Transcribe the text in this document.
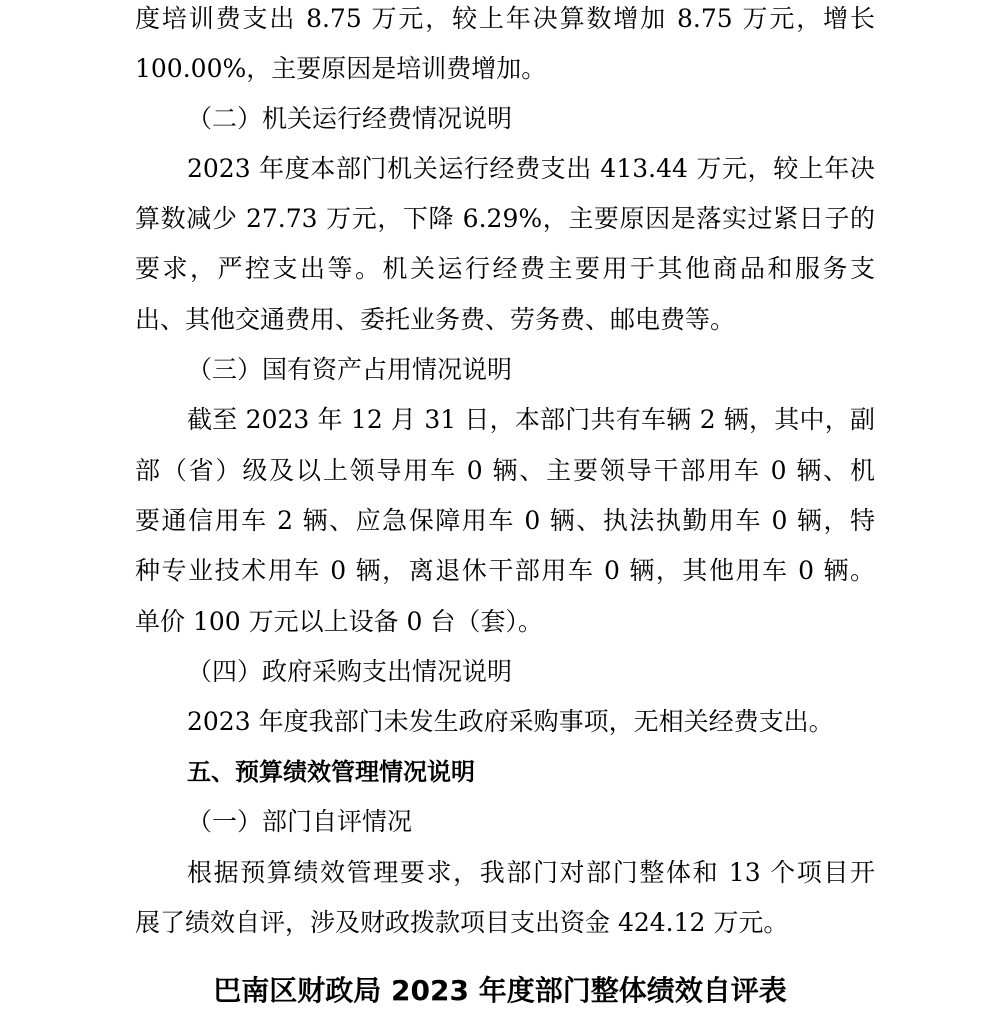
度培训费支出 8.75 万元，较上年决算数增加 8.75 万元，增长
100.00%，主要原因是培训费增加。
（二）机关运行经费情况说明
2023 年度本部门机关运行经费支出 413.44 万元，较上年决
算数减少 27.73 万元，下降 6.29%，主要原因是落实过紧日子的
要求，严控支出等。机关运行经费主要用于其他商品和服务支
出、其他交通费用、委托业务费、劳务费、邮电费等。
（三）国有资产占用情况说明
截至 2023 年 12 月 31 日，本部门共有车辆 2 辆，其中，副
部（省）级及以上领导用车 0 辆、主要领导干部用车 0 辆、机
要通信用车 2 辆、应急保障用车 0 辆、执法执勤用车 0 辆，特
种专业技术用车 0 辆，离退休干部用车 0 辆，其他用车 0 辆。
单价 100 万元以上设备 0 台（套）。
（四）政府采购支出情况说明
2023 年度我部门未发生政府采购事项，无相关经费支出。
五、预算绩效管理情况说明
（一）部门自评情况
根据预算绩效管理要求，我部门对部门整体和 13 个项目开
展了绩效自评，涉及财政拨款项目支出资金 424.12 万元。
巴南区财政局 2023 年度部门整体绩效自评表
